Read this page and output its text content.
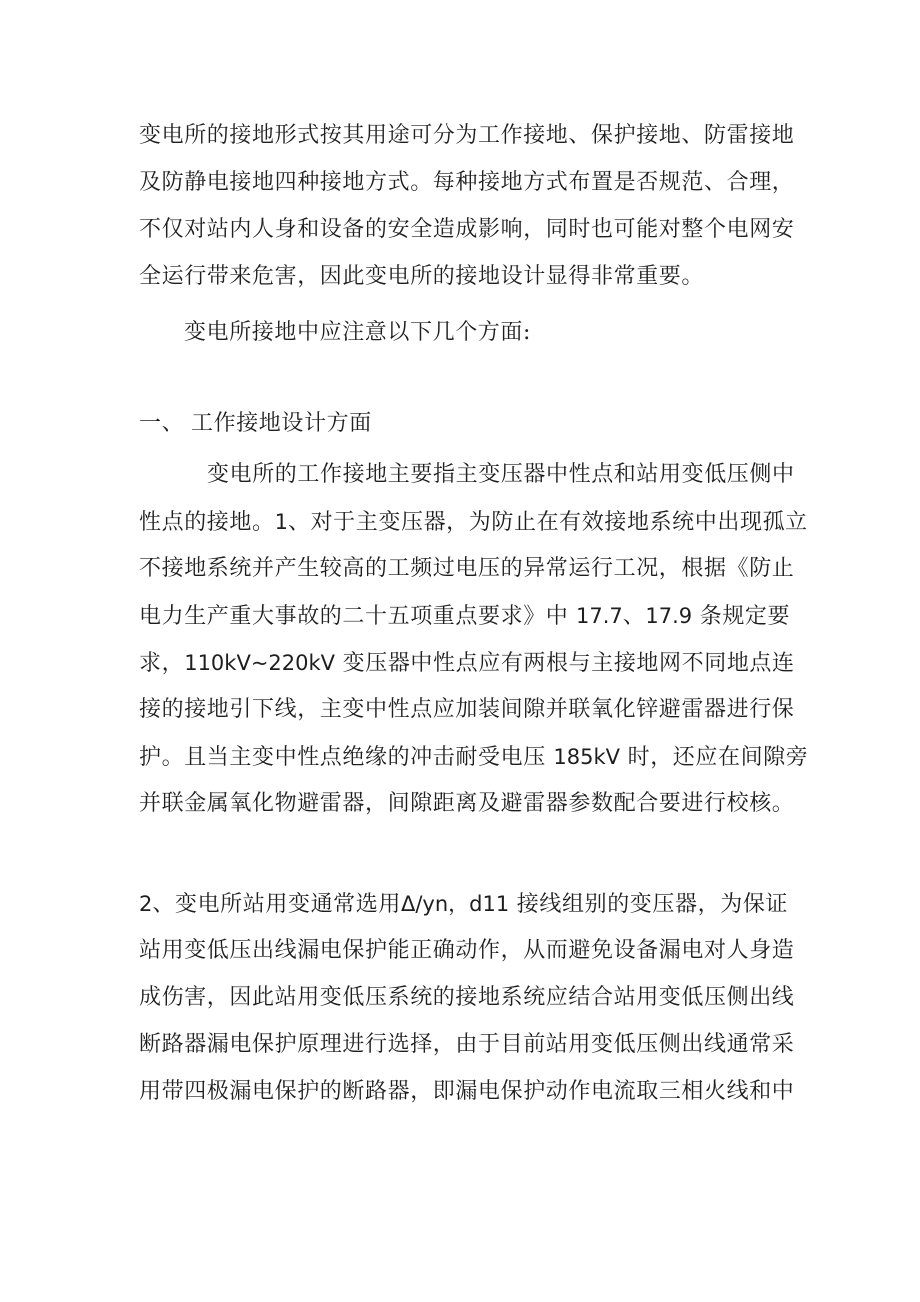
变电所的接地形式按其用途可分为工作接地、保护接地、防雷接地
及防静电接地四种接地方式。每种接地方式布置是否规范、合理，
不仅对站内人身和设备的安全造成影响，同时也可能对整个电网安
全运行带来危害，因此变电所的接地设计显得非常重要。
变电所接地中应注意以下几个方面:
一、 工作接地设计方面
变电所的工作接地主要指主变压器中性点和站用变低压侧中
性点的接地。1、对于主变压器，为防止在有效接地系统中出现孤立
不接地系统并产生较高的工频过电压的异常运行工况，根据《防止
电力生产重大事故的二十五项重点要求》中 17.7、17.9 条规定要
求，110kV~220kV 变压器中性点应有两根与主接地网不同地点连
接的接地引下线，主变中性点应加装间隙并联氧化锌避雷器进行保
护。且当主变中性点绝缘的冲击耐受电压 185kV 时，还应在间隙旁
并联金属氧化物避雷器，间隙距离及避雷器参数配合要进行校核。
2、变电所站用变通常选用Δ/yn，d11 接线组别的变压器，为保证
站用变低压出线漏电保护能正确动作，从而避免设备漏电对人身造
成伤害，因此站用变低压系统的接地系统应结合站用变低压侧出线
断路器漏电保护原理进行选择，由于目前站用变低压侧出线通常采
用带四极漏电保护的断路器，即漏电保护动作电流取三相火线和中
